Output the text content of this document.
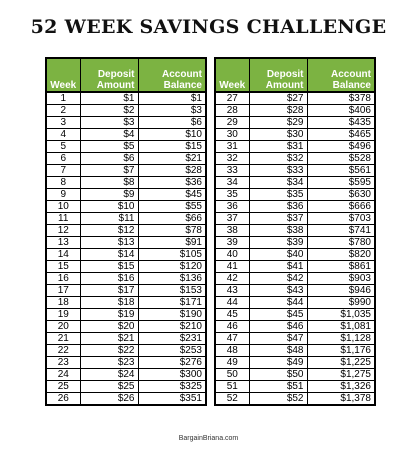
52 WEEK SAVINGS CHALLENGE
Week	Deposit Amount	Account Balance
1	$1	$1
2	$2	$3
3	$3	$6
4	$4	$10
5	$5	$15
6	$6	$21
7	$7	$28
8	$8	$36
9	$9	$45
10	$10	$55
11	$11	$66
12	$12	$78
13	$13	$91
14	$14	$105
15	$15	$120
16	$16	$136
17	$17	$153
18	$18	$171
19	$19	$190
20	$20	$210
21	$21	$231
22	$22	$253
23	$23	$276
24	$24	$300
25	$25	$325
26	$26	$351
Week	Deposit Amount	Account Balance
27	$27	$378
28	$28	$406
29	$29	$435
30	$30	$465
31	$31	$496
32	$32	$528
33	$33	$561
34	$34	$595
35	$35	$630
36	$36	$666
37	$37	$703
38	$38	$741
39	$39	$780
40	$40	$820
41	$41	$861
42	$42	$903
43	$43	$946
44	$44	$990
45	$45	$1,035
46	$46	$1,081
47	$47	$1,128
48	$48	$1,176
49	$49	$1,225
50	$50	$1,275
51	$51	$1,326
52	$52	$1,378
BargainBriana.com
